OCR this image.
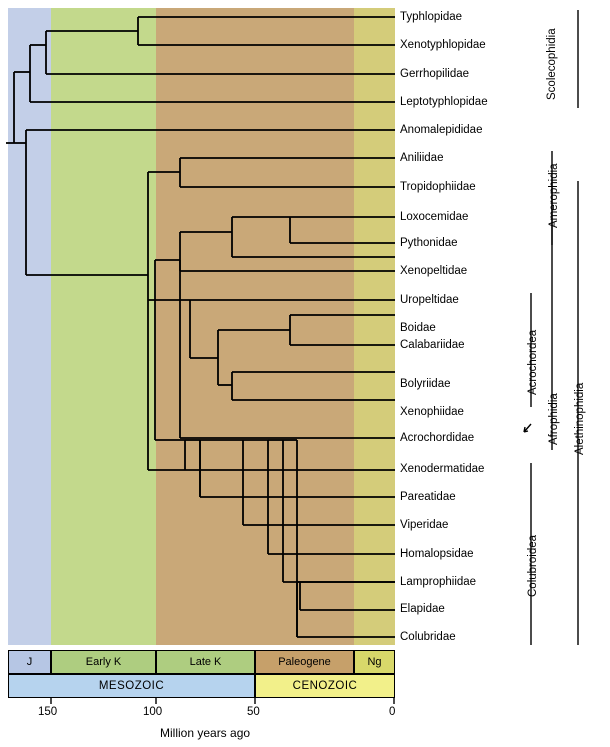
Typhlopidae
Xenotyphlopidae
Gerrhopilidae
Leptotyphlopidae
Anomalepididae
Aniliidae
Tropidophiidae
Loxocemidae
Pythonidae
Xenopeltidae
Uropeltidae
Boidae
Calabariidae
Bolyriidae
Xenophiidae
Acrochordidae
Xenodermatidae
Pareatidae
Viperidae
Homalopsidae
Lamprophiidae
Elapidae
Colubridae
Scolecophidia
Amerophidia
Acrochordea
Colubroidea
Afrophidia Alethinophidia
J	Early K	Late K	Paleogene	Ng
MESOZOIC	CENOZOIC
150	100	50	0
Million years ago
